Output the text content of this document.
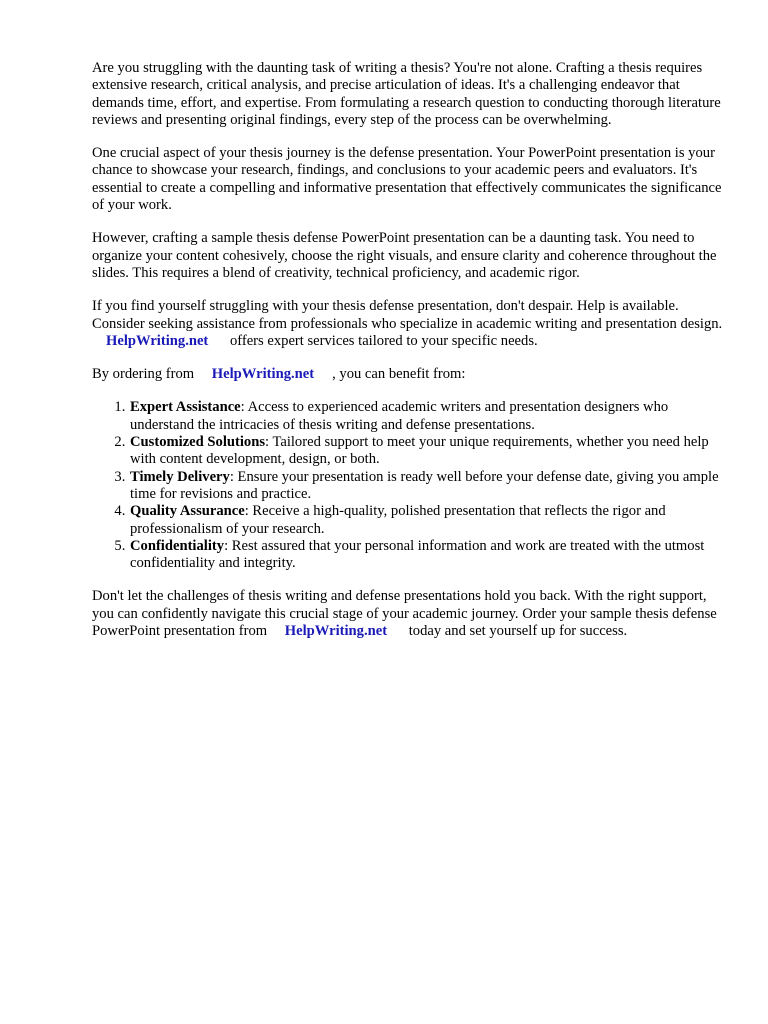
Are you struggling with the daunting task of writing a thesis? You're not alone. Crafting a thesis requires extensive research, critical analysis, and precise articulation of ideas. It's a challenging endeavor that demands time, effort, and expertise. From formulating a research question to conducting thorough literature reviews and presenting original findings, every step of the process can be overwhelming.

One crucial aspect of your thesis journey is the defense presentation. Your PowerPoint presentation is your chance to showcase your research, findings, and conclusions to your academic peers and evaluators. It's essential to create a compelling and informative presentation that effectively communicates the significance of your work.

However, crafting a sample thesis defense PowerPoint presentation can be a daunting task. You need to organize your content cohesively, choose the right visuals, and ensure clarity and coherence throughout the slides. This requires a blend of creativity, technical proficiency, and academic rigor.

If you find yourself struggling with your thesis defense presentation, don't despair. Help is available. Consider seeking assistance from professionals who specialize in academic writing and presentation design. HelpWriting.net offers expert services tailored to your specific needs.

By ordering from HelpWriting.net , you can benefit from:

1. Expert Assistance: Access to experienced academic writers and presentation designers who understand the intricacies of thesis writing and defense presentations.
2. Customized Solutions: Tailored support to meet your unique requirements, whether you need help with content development, design, or both.
3. Timely Delivery: Ensure your presentation is ready well before your defense date, giving you ample time for revisions and practice.
4. Quality Assurance: Receive a high-quality, polished presentation that reflects the rigor and professionalism of your research.
5. Confidentiality: Rest assured that your personal information and work are treated with the utmost confidentiality and integrity.

Don't let the challenges of thesis writing and defense presentations hold you back. With the right support, you can confidently navigate this crucial stage of your academic journey. Order your sample thesis defense PowerPoint presentation from HelpWriting.net today and set yourself up for success.
